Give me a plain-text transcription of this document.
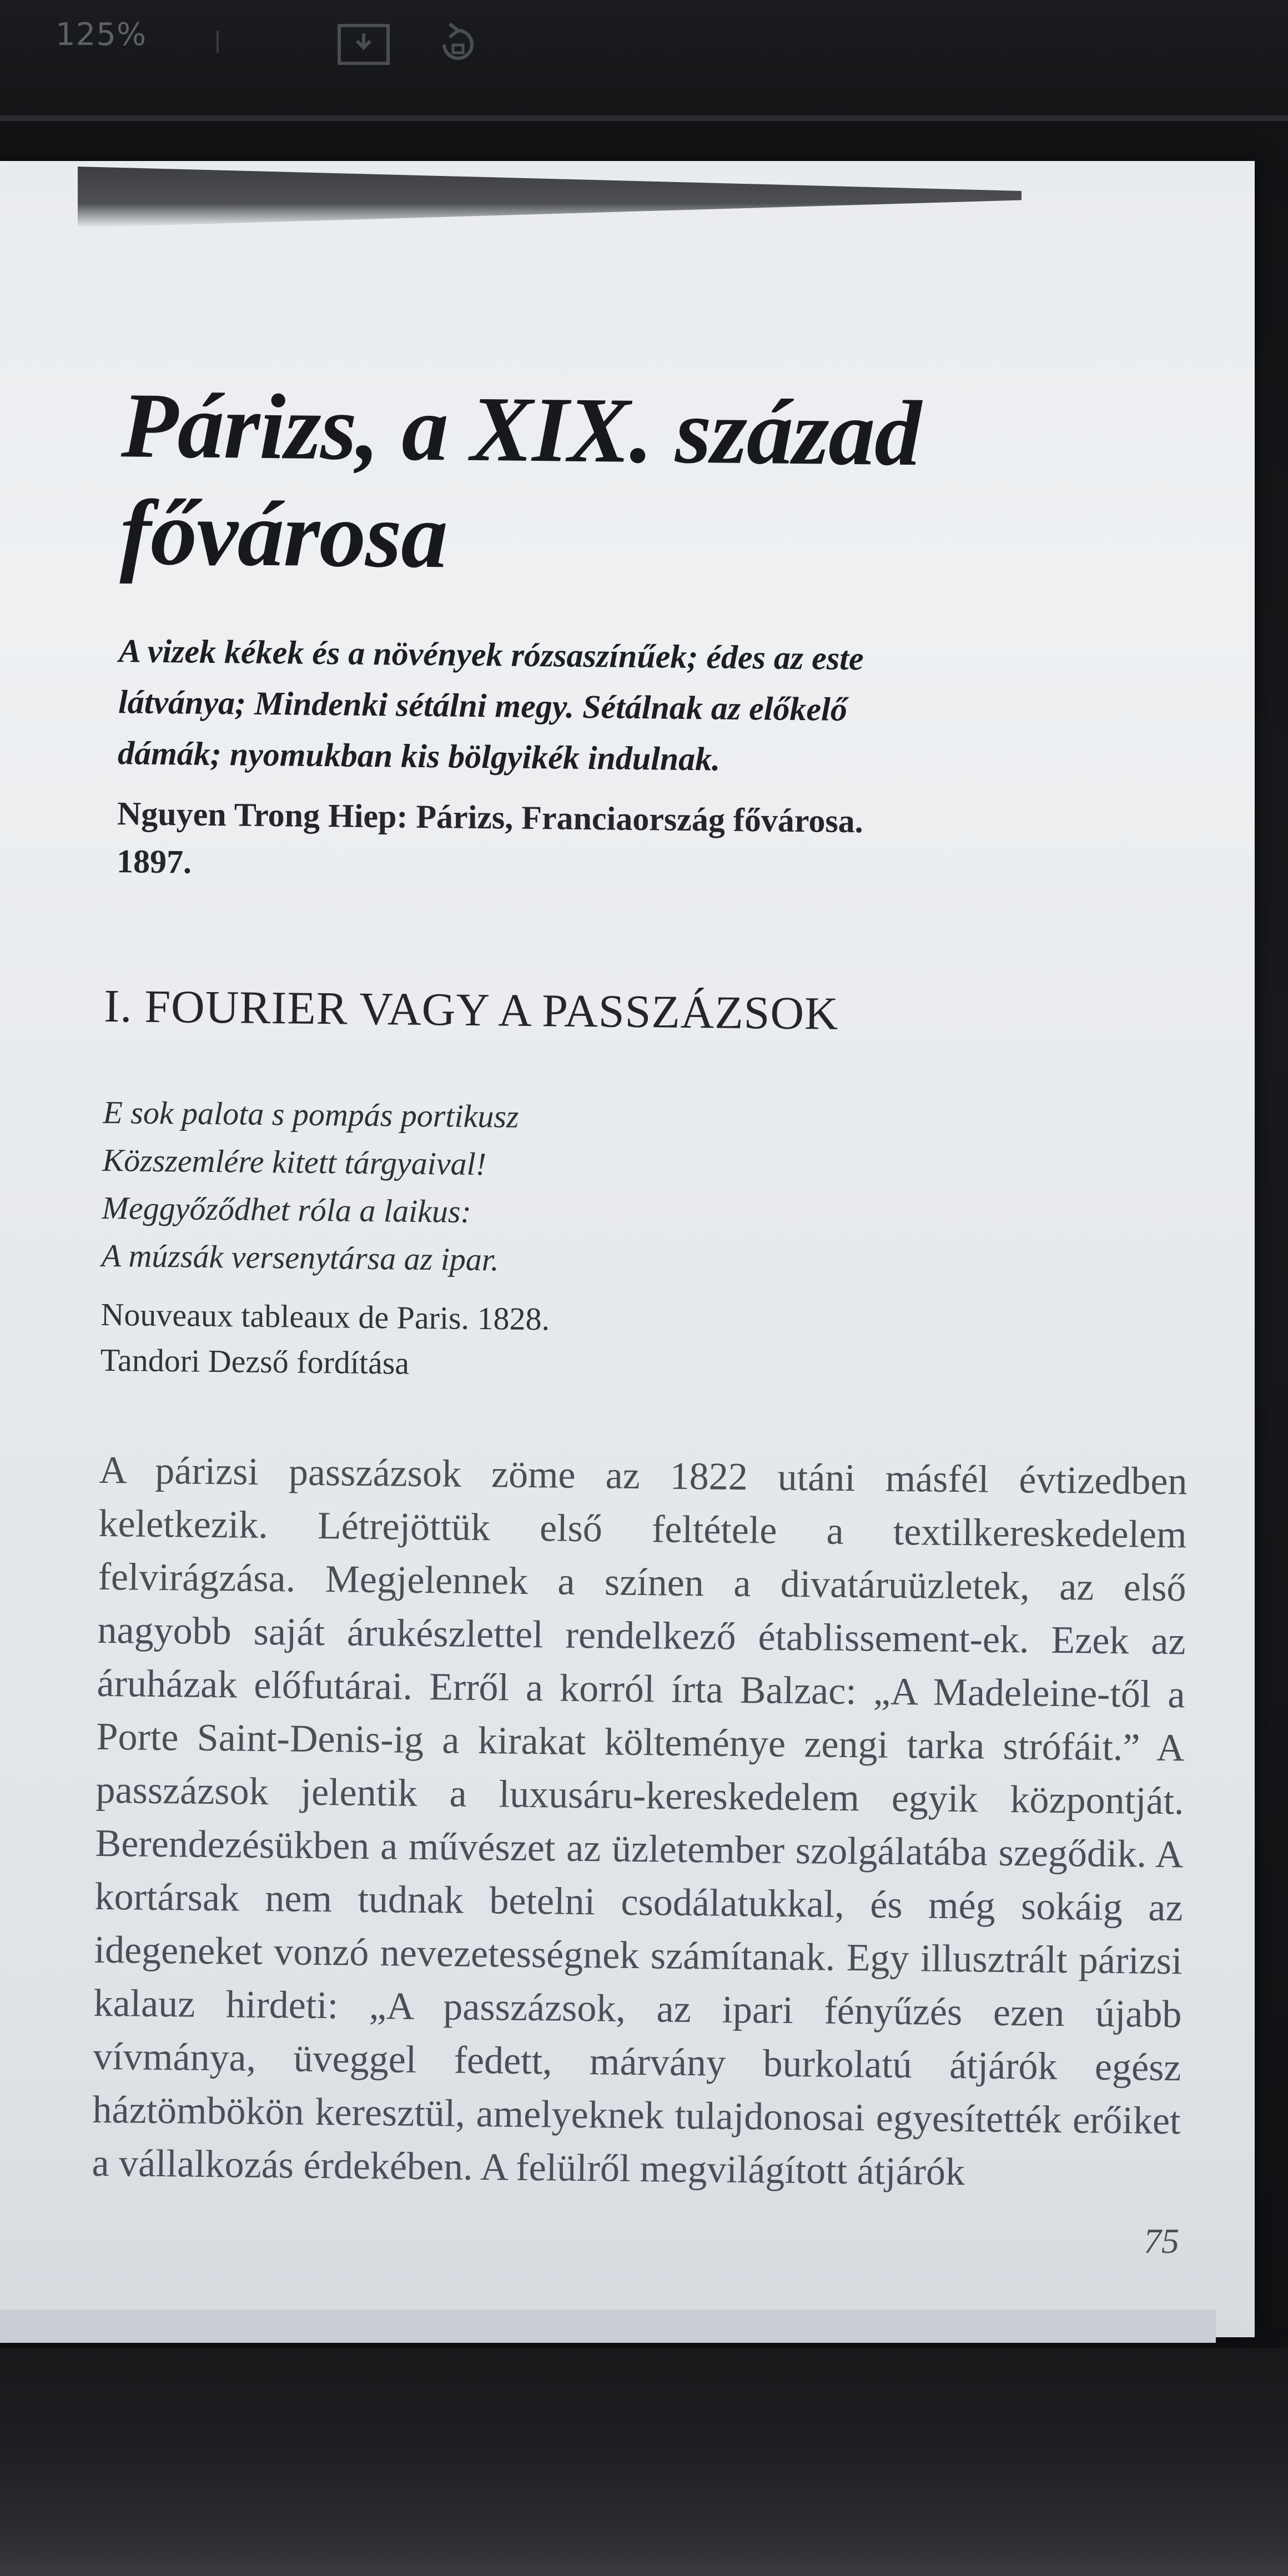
125%
Párizs, a XIX. század fővárosa
A vizek kékek és a növények rózsaszínűek; édes az este látványa; Mindenki sétálni megy. Sétálnak az előkelő dámák; nyomukban kis bölgyikék indulnak.
Nguyen Trong Hiep: Párizs, Franciaország fővárosa. 1897.
I. FOURIER VAGY A PASSZÁZSOK
E sok palota s pompás portikusz
Közszemlére kitett tárgyaival!
Meggyőződhet róla a laikus:
A múzsák versenytársa az ipar.
Nouveaux tableaux de Paris. 1828.
Tandori Dezső fordítása
A párizsi passzázsok zöme az 1822 utáni másfél évtizedben keletkezik. Létrejöttük első feltétele a textilkereskedelem felvirágzása. Megjelennek a színen a divatáruüzletek, az első nagyobb saját árukészlettel rendelkező établissement-ek. Ezek az áruházak előfutárai. Erről a korról írta Balzac: „A Madeleine-től a Porte Saint-Denis-ig a kirakat költeménye zengi tarka strófáit.” A passzázsok jelentik a luxusáru-kereskedelem egyik központját. Berendezésükben a művészet az üzletember szolgálatába szegődik. A kortársak nem tudnak betelni csodálatukkal, és még sokáig az idegeneket vonzó nevezetességnek számítanak. Egy illusztrált párizsi kalauz hirdeti: „A passzázsok, az ipari fényűzés ezen újabb vívmánya, üveggel fedett, márvány burkolatú átjárók egész háztömbökön keresztül, amelyeknek tulajdonosai egyesítették erőiket a vállalkozás érdekében. A felülről megvilágított átjárók
75
